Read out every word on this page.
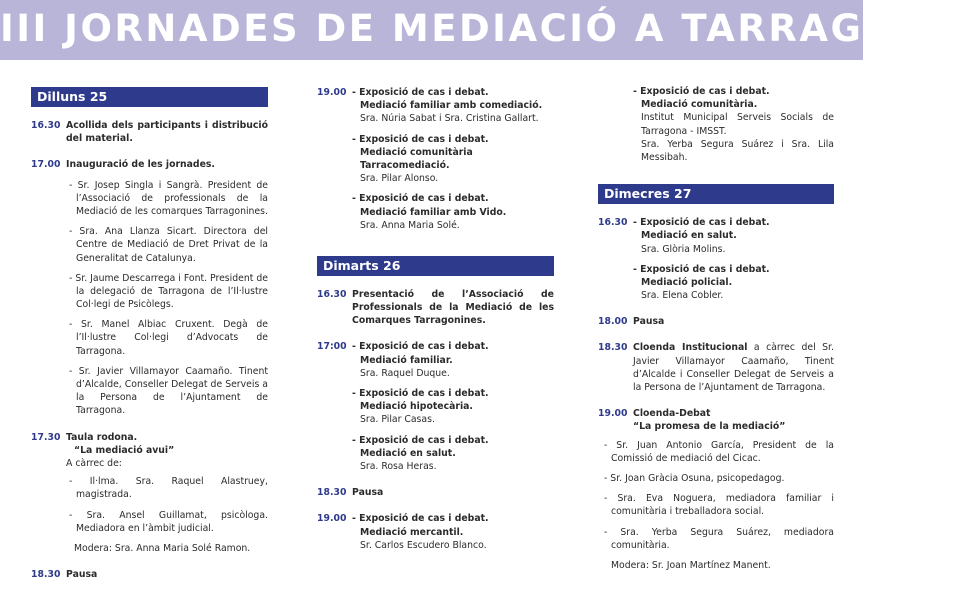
III JORNADES DE MEDIACIÓ A TARRAGONA
Dilluns 25
16.30 Acollida dels participants i distribució del material.
17.00 Inauguració de les jornades.
- Sr. Josep Singla i Sangrà. President de l’Associació de professionals de la Mediació de les comarques Tarragonines.
- Sra. Ana Llanza Sicart. Directora del Centre de Mediació de Dret Privat de la Generalitat de Catalunya.
- Sr. Jaume Descarrega i Font. President de la delegació de Tarragona de l’Il·lustre Col·legi de Psicòlegs.
- Sr. Manel Albiac Cruxent. Degà de l’Il·lustre Col·legi d’Advocats de Tarragona.
- Sr. Javier Villamayor Caamaño. Tinent d’Alcalde, Conseller Delegat de Serveis a la Persona de l’Ajuntament de Tarragona.
17.30 Taula rodona.
“La mediació avui”
A càrrec de:
- Il·lma. Sra. Raquel Alastruey, magistrada.
- Sra. Ansel Guillamat, psicòloga. Mediadora en l’àmbit judicial.
Modera: Sra. Anna Maria Solé Ramon.
18.30 Pausa
19.00 - Exposició de cas i debat.
Mediació familiar amb comediació.
Sra. Núria Sabat i Sra. Cristina Gallart.
- Exposició de cas i debat.
Mediació comunitària Tarracomediació.
Sra. Pilar Alonso.
- Exposició de cas i debat.
Mediació familiar amb Vido.
Sra. Anna Maria Solé.
Dimarts 26
16.30 Presentació de l’Associació de Professionals de la Mediació de les Comarques Tarragonines.
17:00 - Exposició de cas i debat.
Mediació familiar.
Sra. Raquel Duque.
- Exposició de cas i debat.
Mediació hipotecària.
Sra. Pilar Casas.
- Exposició de cas i debat.
Mediació en salut.
Sra. Rosa Heras.
18.30 Pausa
19.00 - Exposició de cas i debat.
Mediació mercantil.
Sr. Carlos Escudero Blanco.
- Exposició de cas i debat.
Mediació comunitària.
Institut Municipal Serveis Socials de Tarragona - IMSST.
Sra. Yerba Segura Suárez i Sra. Lila Messibah.
Dimecres 27
16.30 - Exposició de cas i debat.
Mediació en salut.
Sra. Glòria Molins.
- Exposició de cas i debat.
Mediació policial.
Sra. Elena Cobler.
18.00 Pausa
18.30 Cloenda Institucional a càrrec del Sr. Javier Villamayor Caamaño, Tinent d’Alcalde i Conseller Delegat de Serveis a la Persona de l’Ajuntament de Tarragona.
19.00 Cloenda-Debat
“La promesa de la mediació”
- Sr. Juan Antonio García, President de la Comissió de mediació del Cicac.
- Sr. Joan Gràcia Osuna, psicopedagog.
- Sra. Eva Noguera, mediadora familiar i comunitària i treballadora social.
- Sra. Yerba Segura Suárez, mediadora comunitària.
Modera: Sr. Joan Martínez Manent.
